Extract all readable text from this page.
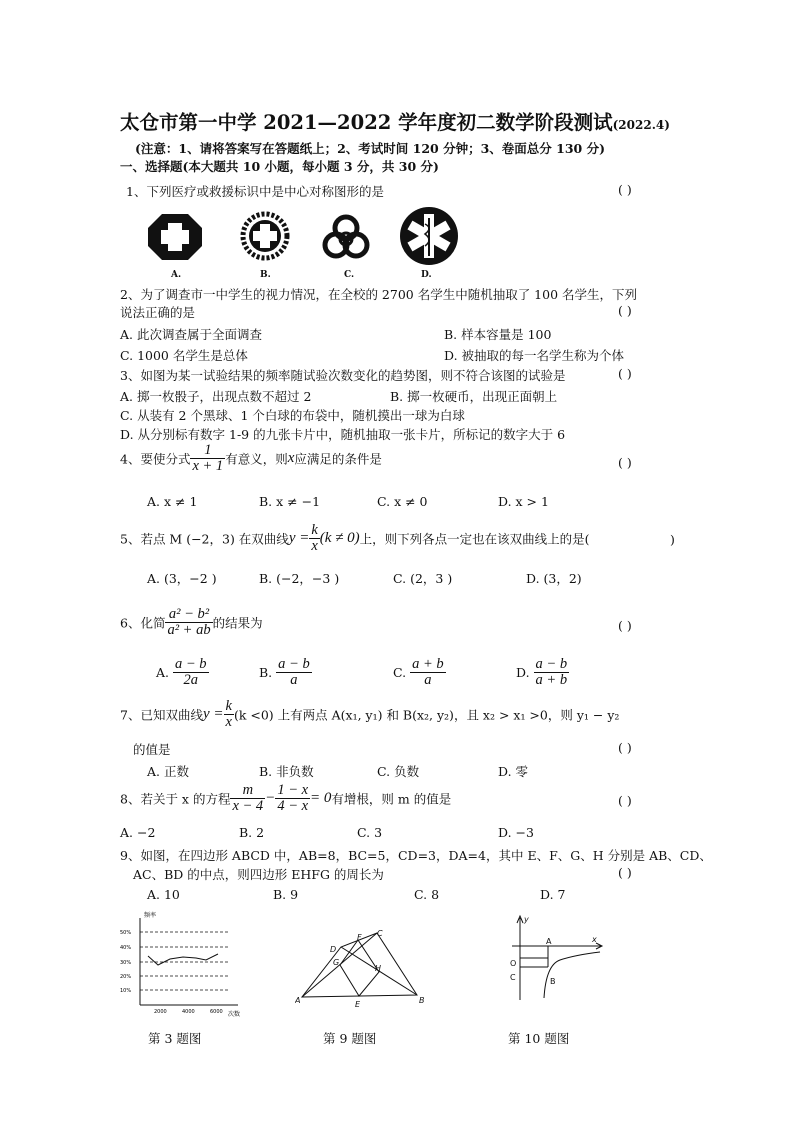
太仓市第一中学 2021—2022 学年度初二数学阶段测试(2022.4)
(注意：1、请将答案写在答题纸上；2、考试时间 120 分钟；3、卷面总分 130 分)
一、选择题(本大题共 10 小题，每小题 3 分，共 30 分)
1、下列医疗或救援标识中是中心对称图形的是	( )
A.	B.	C.	D.
2、为了调查市一中学生的视力情况，在全校的 2700 名学生中随机抽取了 100 名学生，下列
说法正确的是	( )
A. 此次调查属于全面调查	B. 样本容量是 100
C. 1000 名学生是总体	D. 被抽取的每一名学生称为个体
3、如图为某一试验结果的频率随试验次数变化的趋势图，则不符合该图的试验是	( )
A. 掷一枚骰子，出现点数不超过 2	B. 掷一枚硬币，出现正面朝上
C. 从装有 2 个黑球、1 个白球的布袋中，随机摸出一球为白球
D. 从分别标有数字 1-9 的九张卡片中，随机抽取一张卡片，所标记的数字大于 6
4、要使分式 $\frac{1}{x + 1}$ 有意义，则x应满足的条件是	( )
A. x ≠ 1	B. x ≠ −1	C. x ≠ 0	D. x > 1
5、若点 M (−2，3) 在双曲线$y = \frac{k}{x} (k \ne 0)$上，则下列各点一定也在该双曲线上的是(	)
A. (3，−2 )	B. (−2，−3 )	C. (2，3 )	D. (3，2)
6、化简 $\frac{\text{a² − b²}}{\text{a² + ab}}$ 的结果为	( )
A. $\frac{a - b}{2a}$	B. $\frac{a - b}{a}$	C. $\frac{a + b}{a}$	D. $\frac{a - b}{a + b}$
7、已知双曲线$y = \frac{k}{x} (k <0)$ 上有两点 A(x₁, y₁) 和 B(x₂, y₂)，且 x₂ > x₁ >0，则 y₁ − y₂
的值是	( )
A. 正数	B. 非负数	C. 负数	D. 零
8、若关于 x 的方程 $\frac{m}{x - 4} - \frac{1 - x}{4 - x} = 0$有增根，则 m 的值是	( )
A. −2	B. 2	C. 3	D. −3
9、如图，在四边形 ABCD 中，AB=8，BC=5，CD=3，DA=4，其中 E、F、G、H 分别是 AB、CD、
AC、BD 的中点，则四边形 EHFG 的周长为	( )
A. 10	B. 9	C. 8	D. 7
频率
次数
50%
40%
30%
20%
10%
2000	4000	6000
第 3 题图
A	B
C
D
E
F
G
H
第 9 题图
y
x
A
B
O
C
第 10 题图
